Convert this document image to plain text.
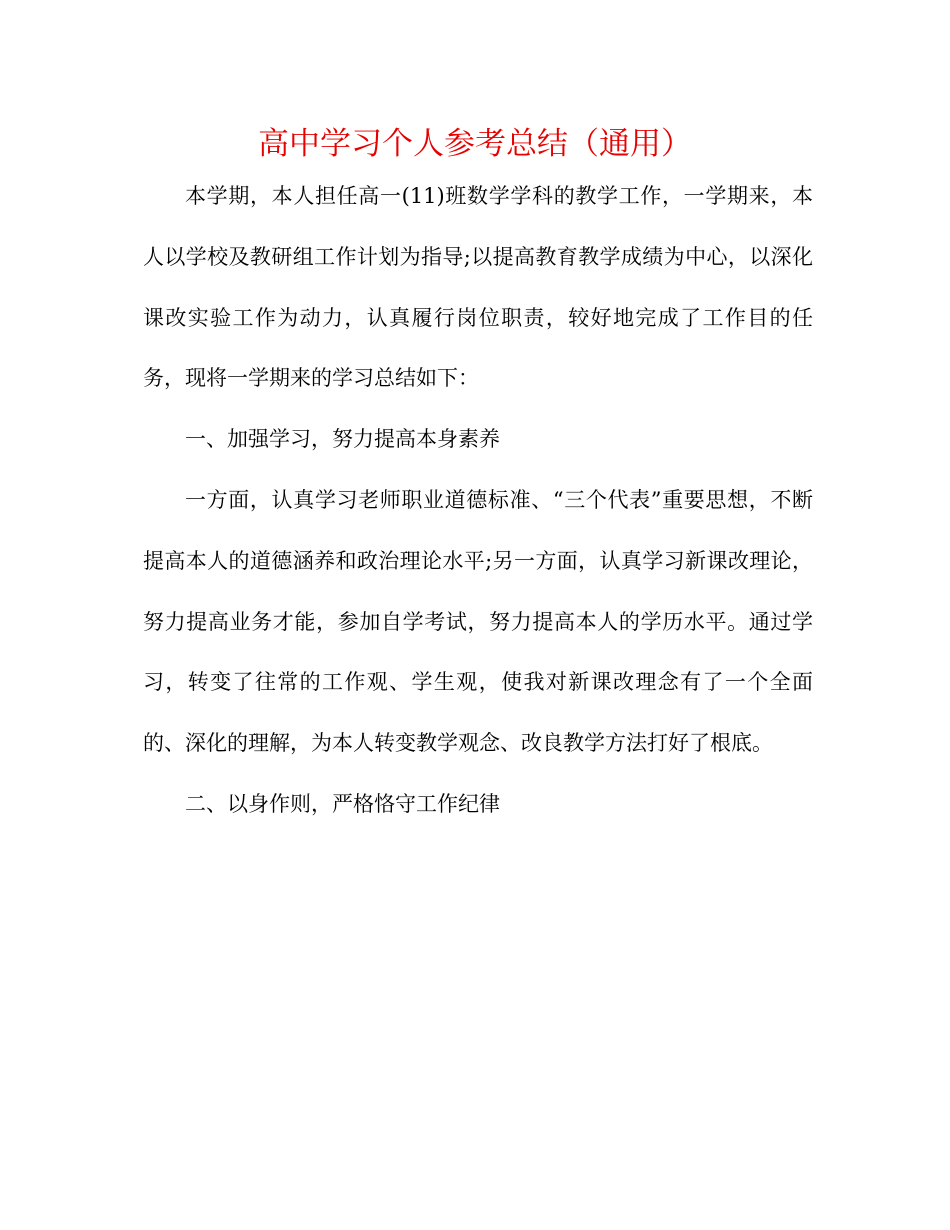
高中学习个人参考总结（通用）

本学期，本人担任高一(11)班数学学科的教学工作，一学期来，本人以学校及教研组工作计划为指导;以提高教育教学成绩为中心，以深化课改实验工作为动力，认真履行岗位职责，较好地完成了工作目的任务，现将一学期来的学习总结如下：

一、加强学习，努力提高本身素养

一方面，认真学习老师职业道德标准、“三个代表”重要思想，不断提高本人的道德涵养和政治理论水平;另一方面，认真学习新课改理论，努力提高业务才能，参加自学考试，努力提高本人的学历水平。通过学习，转变了往常的工作观、学生观，使我对新课改理念有了一个全面的、深化的理解，为本人转变教学观念、改良教学方法打好了根底。

二、以身作则，严格恪守工作纪律
